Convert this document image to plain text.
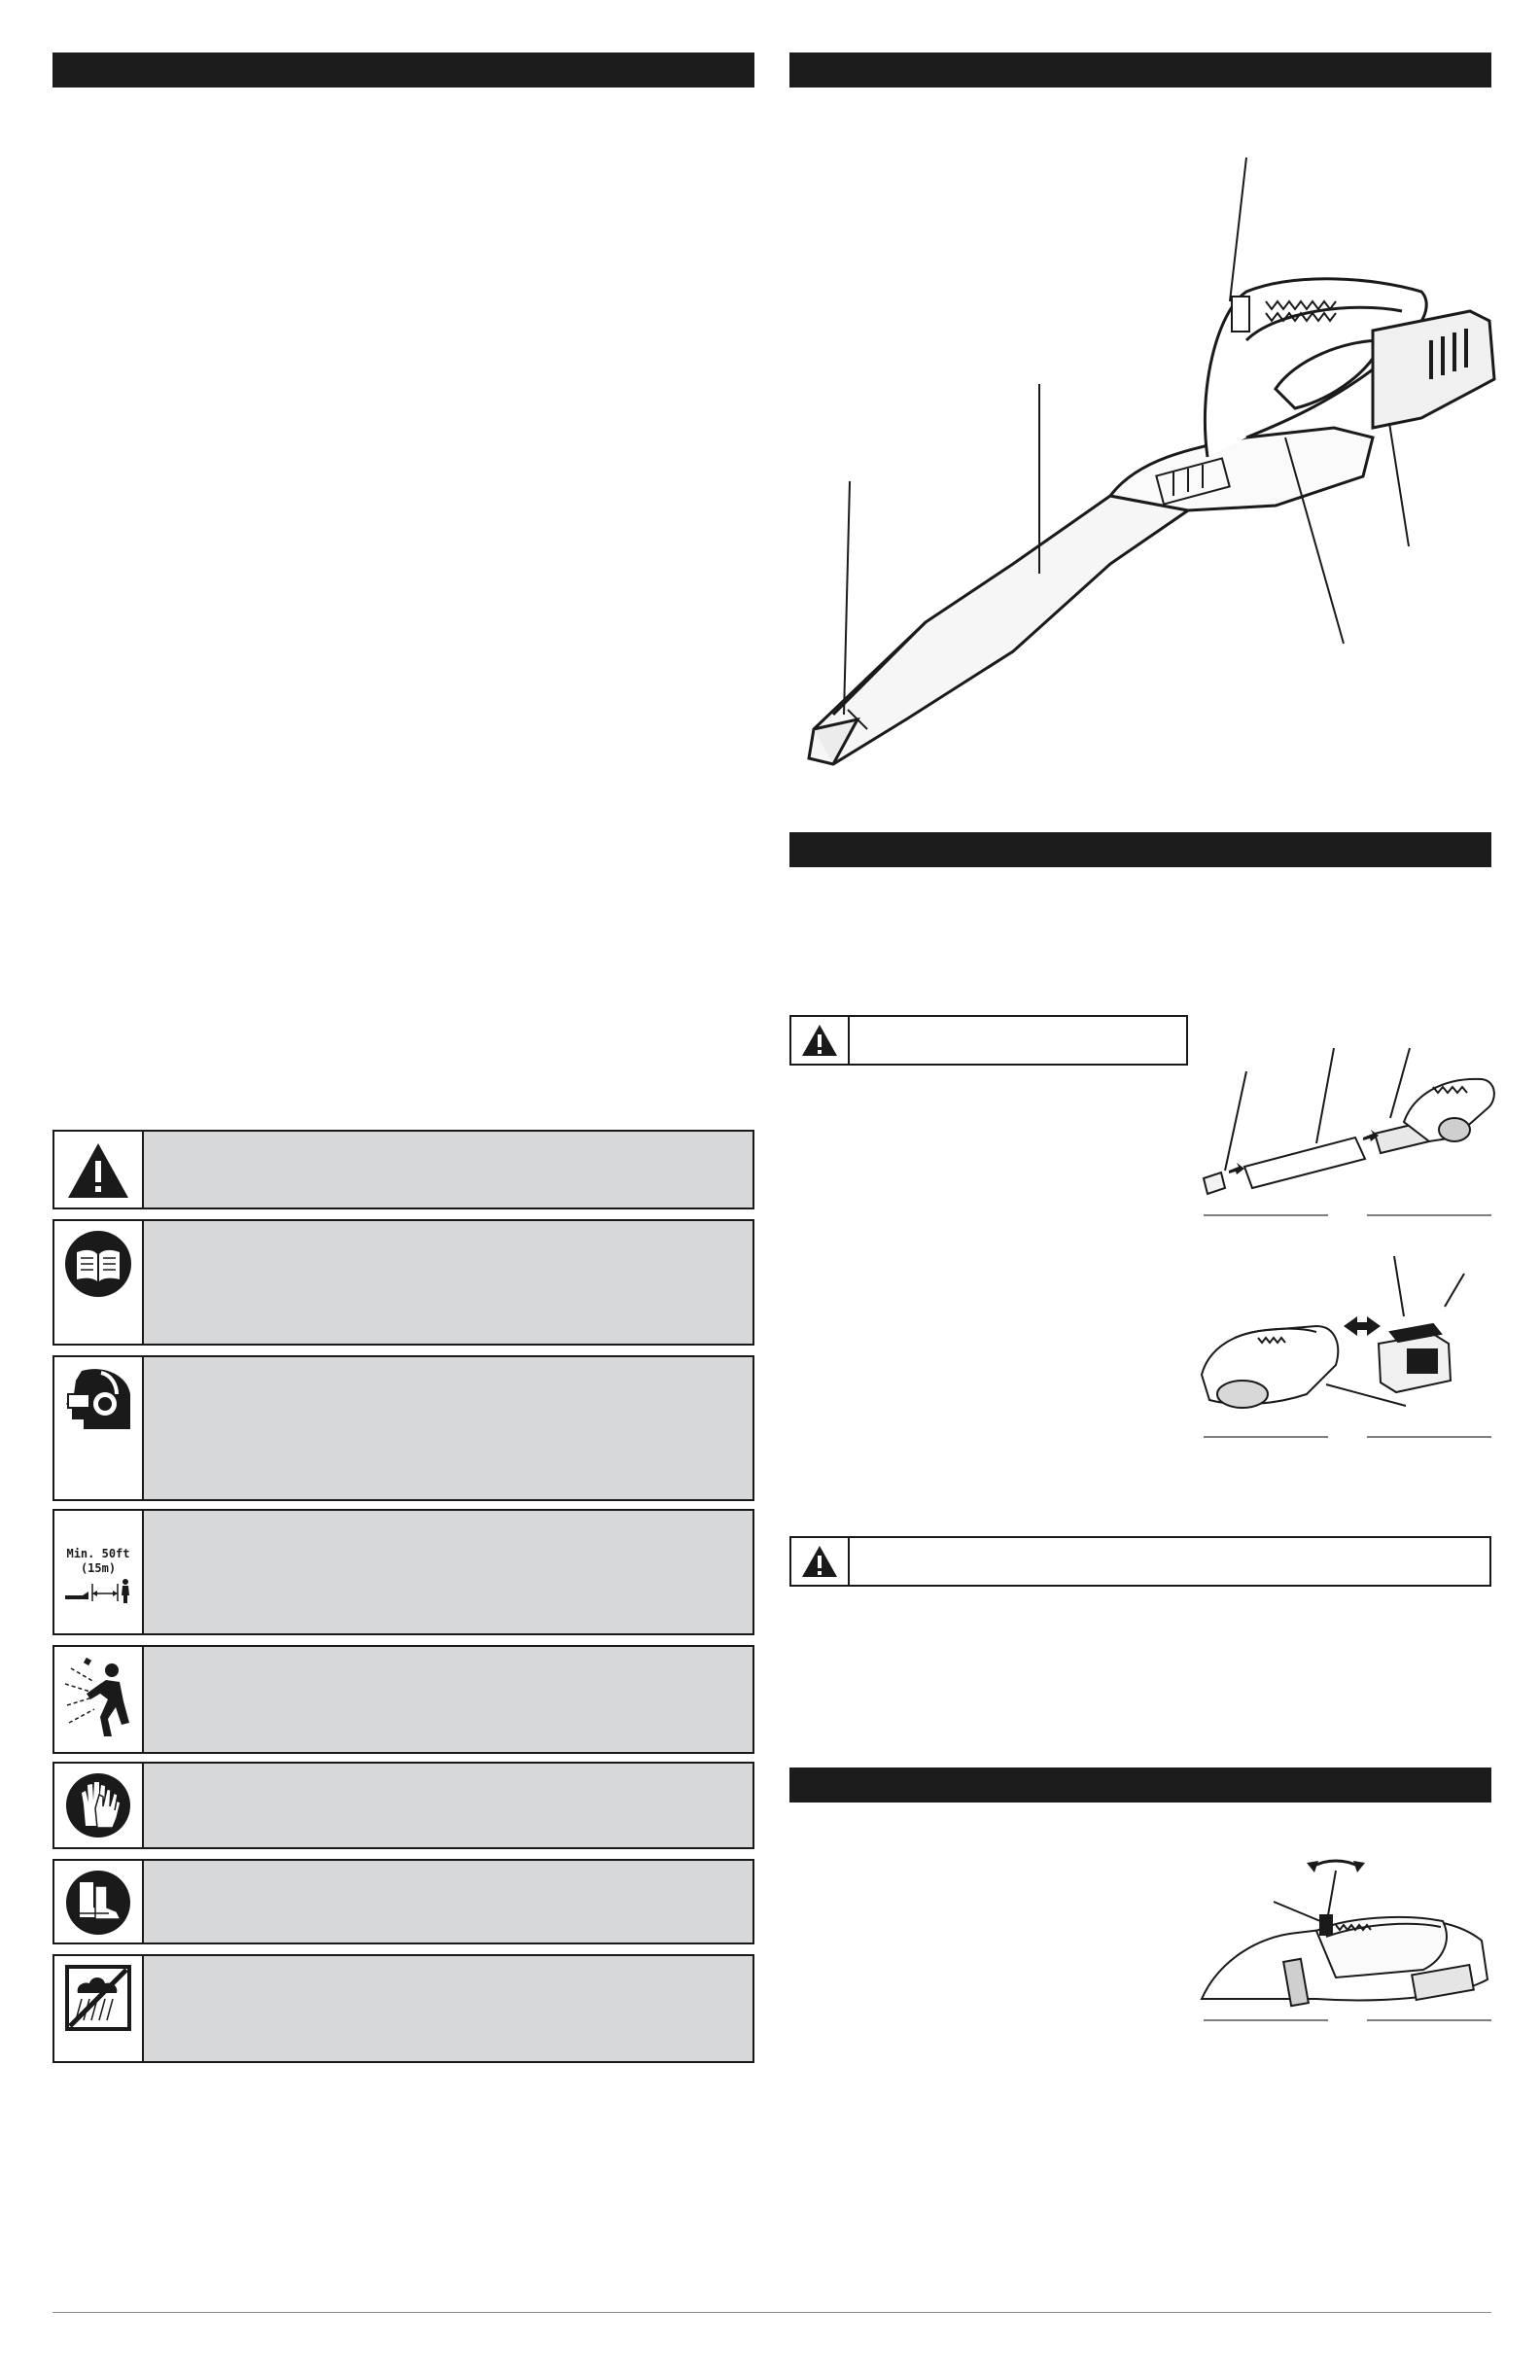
Min. 50ft
(15m)
